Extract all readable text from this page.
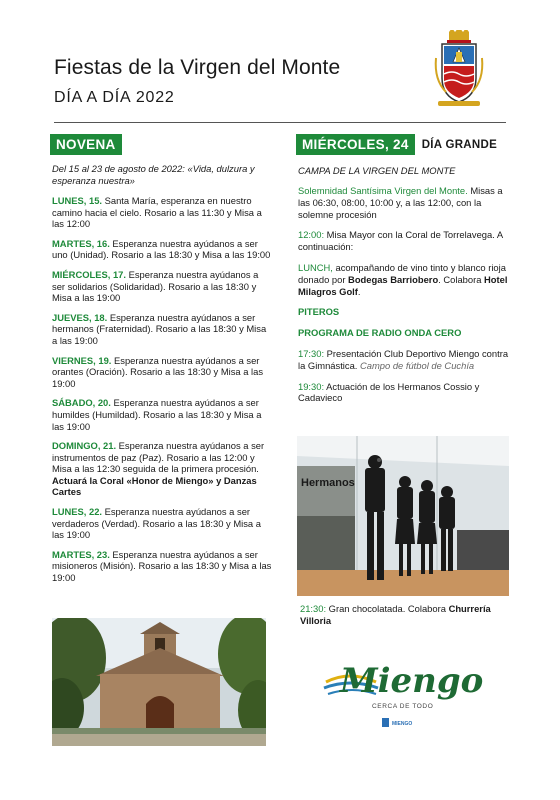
Fiestas de la Virgen del Monte
DÍA A DÍA 2022
NOVENA
Del 15 al 23 de agosto de 2022: «Vida, dulzura y esperanza nuestra»
LUNES, 15. Santa María, esperanza en nuestro camino hacia el cielo. Rosario a las 11:30 y Misa a las 12:00
MARTES, 16. Esperanza nuestra ayúdanos a ser uno (Unidad). Rosario a las 18:30 y Misa a las 19:00
MIÉRCOLES, 17. Esperanza nuestra ayúdanos a ser solidarios (Solidaridad). Rosario a las 18:30 y Misa a las 19:00
JUEVES, 18. Esperanza nuestra ayúdanos a ser hermanos (Fraternidad). Rosario a las 18:30 y Misa a las 19:00
VIERNES, 19. Esperanza nuestra ayúdanos a ser orantes (Oración). Rosario a las 18:30 y Misa a las 19:00
SÁBADO, 20. Esperanza nuestra ayúdanos a ser humildes (Humildad). Rosario a las 18:30 y Misa a las 19:00
DOMINGO, 21. Esperanza nuestra ayúdanos a ser instrumentos de paz (Paz). Rosario a las 12:00 y Misa a las 12:30 seguida de la primera procesión. Actuará la Coral «Honor de Miengo» y Danzas Cartes
LUNES, 22. Esperanza nuestra ayúdanos a ser verdaderos (Verdad). Rosario a las 18:30 y Misa a las 19:00
MARTES, 23. Esperanza nuestra ayúdanos a ser misioneros (Misión). Rosario a las 18:30 y Misa a las 19:00
MIÉRCOLES, 24	DÍA GRANDE
CAMPA DE LA VIRGEN DEL MONTE
Solemnidad Santísima Virgen del Monte. Misas a las 06:30, 08:00, 10:00 y, a las 12:00, con la solemne procesión
12:00: Misa Mayor con la Coral de Torrelavega. A continuación:
LUNCH, acompañando de vino tinto y blanco rioja donado por Bodegas Barriobero. Colabora Hotel Milagros Golf.
PITEROS
PROGRAMA DE RADIO ONDA CERO
17:30: Presentación Club Deportivo Miengo contra la Gimnástica. Campo de fútbol de Cuchía
19:30: Actuación de los Hermanos Cossio y Cadavieco
Hermanos
21:30: Gran chocolatada. Colabora Churrería Villoria
Miengo
CERCA DE TODO
MIENGO
